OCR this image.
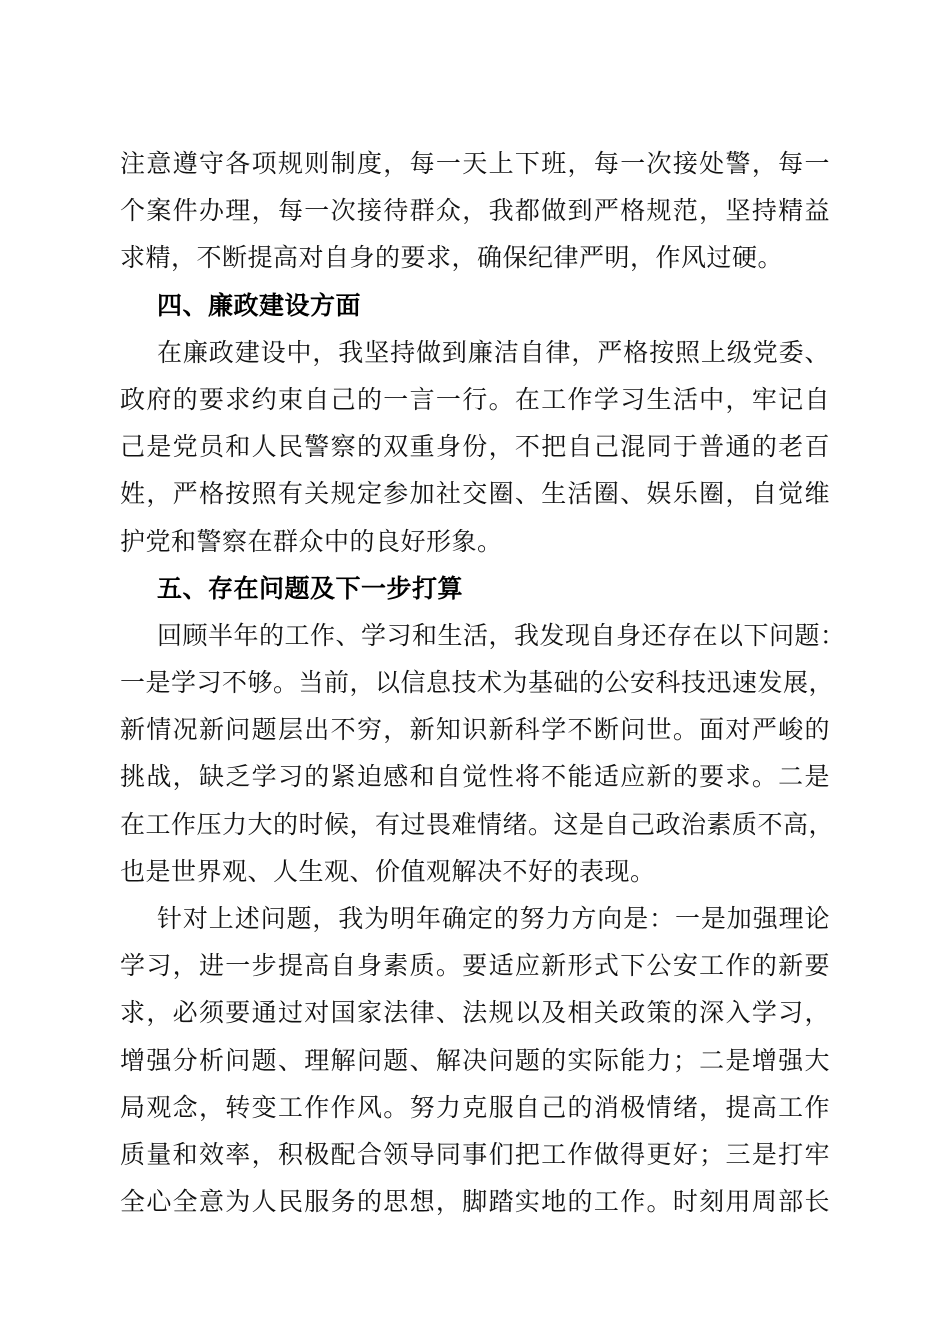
注意遵守各项规则制度，每一天上下班，每一次接处警，每一
个案件办理，每一次接待群众，我都做到严格规范，坚持精益
求精，不断提高对自身的要求，确保纪律严明，作风过硬。
四、廉政建设方面
在廉政建设中，我坚持做到廉洁自律，严格按照上级党委、
政府的要求约束自己的一言一行。在工作学习生活中，牢记自
己是党员和人民警察的双重身份，不把自己混同于普通的老百
姓，严格按照有关规定参加社交圈、生活圈、娱乐圈，自觉维
护党和警察在群众中的良好形象。
五、存在问题及下一步打算
回顾半年的工作、学习和生活，我发现自身还存在以下问题：
一是学习不够。当前，以信息技术为基础的公安科技迅速发展，
新情况新问题层出不穷，新知识新科学不断问世。面对严峻的
挑战，缺乏学习的紧迫感和自觉性将不能适应新的要求。二是
在工作压力大的时候，有过畏难情绪。这是自己政治素质不高，
也是世界观、人生观、价值观解决不好的表现。
针对上述问题，我为明年确定的努力方向是：一是加强理论
学习，进一步提高自身素质。要适应新形式下公安工作的新要
求，必须要通过对国家法律、法规以及相关政策的深入学习，
增强分析问题、理解问题、解决问题的实际能力；二是增强大
局观念，转变工作作风。努力克服自己的消极情绪，提高工作
质量和效率，积极配合领导同事们把工作做得更好；三是打牢
全心全意为人民服务的思想，脚踏实地的工作。时刻用周部长
